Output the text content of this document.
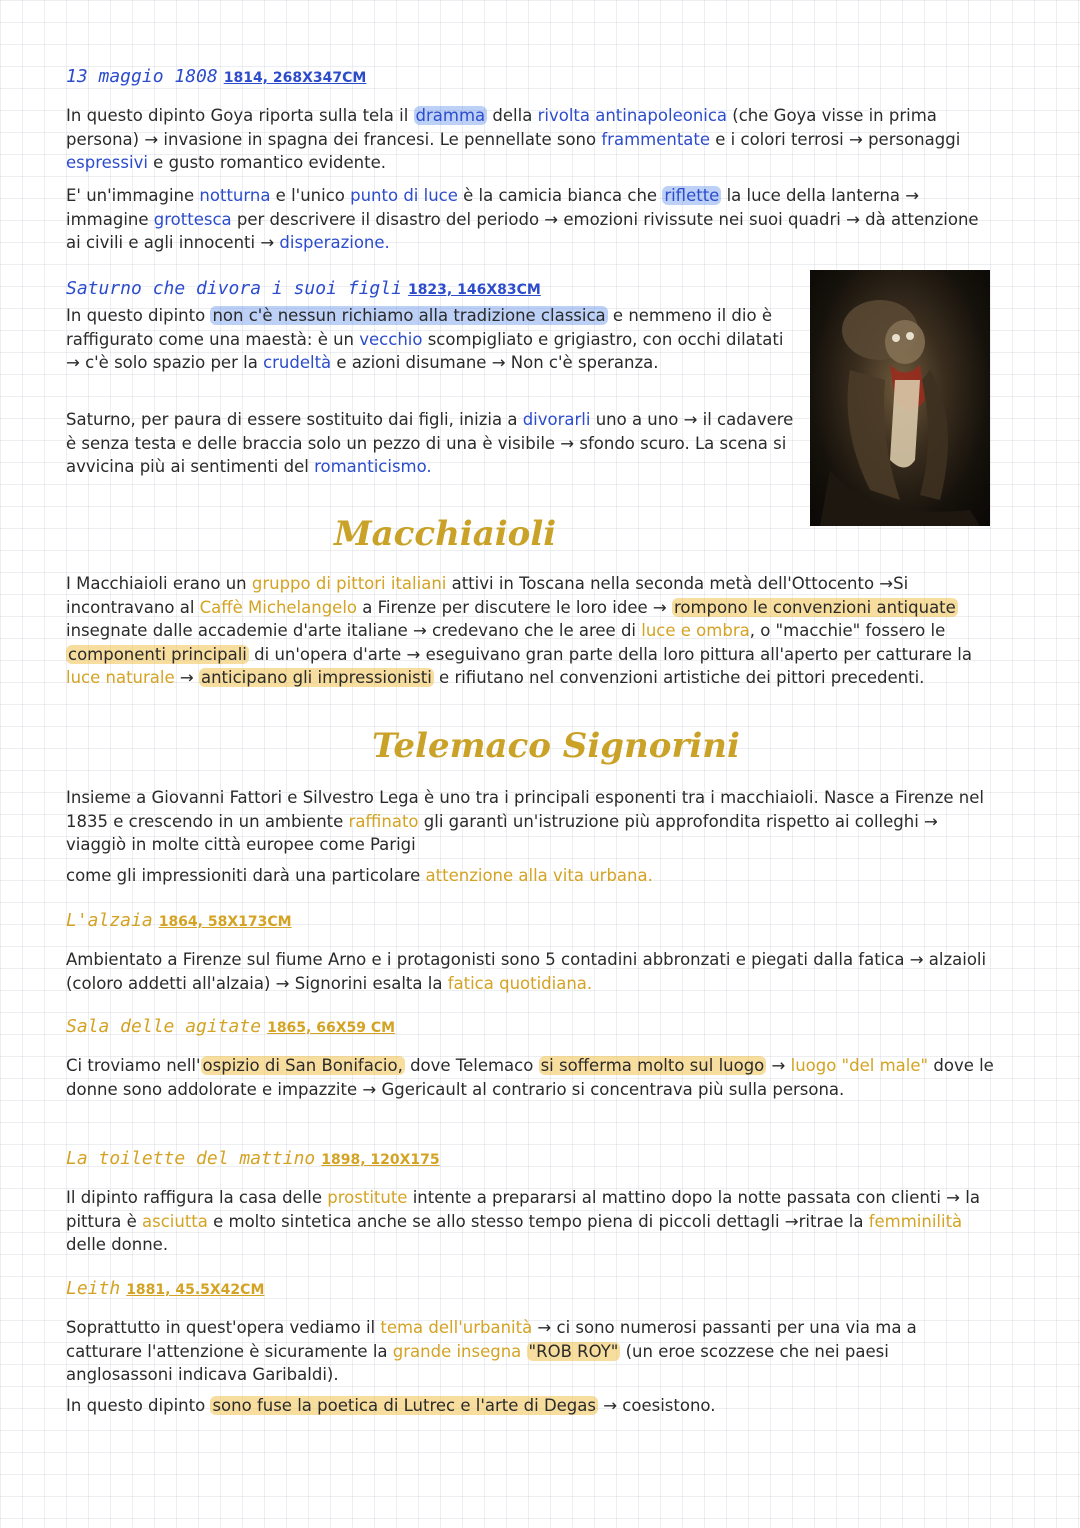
13 maggio 1808 1814, 268X347CM

In questo dipinto Goya riporta sulla tela il dramma della rivolta antinapoleonica (che Goya visse in prima persona) → invasione in spagna dei francesi. Le pennellate sono frammentate e i colori terrosi → personaggi espressivi e gusto romantico evidente.

E' un'immagine notturna e l'unico punto di luce è la camicia bianca che riflette la luce della lanterna → immagine grottesca per descrivere il disastro del periodo → emozioni rivissute nei suoi quadri → dà attenzione ai civili e agli innocenti → disperazione.

Saturno che divora i suoi figli 1823, 146X83CM

In questo dipinto non c'è nessun richiamo alla tradizione classica e nemmeno il dio è raffigurato come una maestà: è un vecchio scompigliato e grigiastro, con occhi dilatati → c'è solo spazio per la crudeltà e azioni disumane → Non c'è speranza.

Saturno, per paura di essere sostituito dai figli, inizia a divorarli uno a uno → il cadavere è senza testa e delle braccia solo un pezzo di una è visibile → sfondo scuro. La scena si avvicina più ai sentimenti del romanticismo.

Macchiaioli

I Macchiaioli erano un gruppo di pittori italiani attivi in Toscana nella seconda metà dell'Ottocento →Si incontravano al Caffè Michelangelo a Firenze per discutere le loro idee → rompono le convenzioni antiquate insegnate dalle accademie d'arte italiane → credevano che le aree di luce e ombra, o "macchie" fossero le componenti principali di un'opera d'arte → eseguivano gran parte della loro pittura all'aperto per catturare la luce naturale → anticipano gli impressionisti e rifiutano nel convenzioni artistiche dei pittori precedenti.

Telemaco Signorini

Insieme a Giovanni Fattori e Silvestro Lega è uno tra i principali esponenti tra i macchiaioli. Nasce a Firenze nel 1835 e crescendo in un ambiente raffinato gli garantì un'istruzione più approfondita rispetto ai colleghi → viaggiò in molte città europee come Parigi

come gli impressioniti darà una particolare attenzione alla vita urbana.

L'alzaia 1864, 58X173CM

Ambientato a Firenze sul fiume Arno e i protagonisti sono 5 contadini abbronzati e piegati dalla fatica → alzaioli (coloro addetti all'alzaia) → Signorini esalta la fatica quotidiana.

Sala delle agitate 1865, 66X59 CM

Ci troviamo nell' ospizio di San Bonifacio, dove Telemaco si sofferma molto sul luogo → luogo "del male" dove le donne sono addolorate e impazzite → Ggericault al contrario si concentrava più sulla persona.

La toilette del mattino 1898, 120X175

Il dipinto raffigura la casa delle prostitute intente a prepararsi al mattino dopo la notte passata con clienti → la pittura è asciutta e molto sintetica anche se allo stesso tempo piena di piccoli dettagli →ritrae la femminilità delle donne.

Leith 1881, 45.5X42CM

Soprattutto in quest'opera vediamo il tema dell'urbanità → ci sono numerosi passanti per una via ma a catturare l'attenzione è sicuramente la grande insegna "ROB ROY" (un eroe scozzese che nei paesi anglosassoni indicava Garibaldi).

In questo dipinto sono fuse la poetica di Lutrec e l'arte di Degas → coesistono.
